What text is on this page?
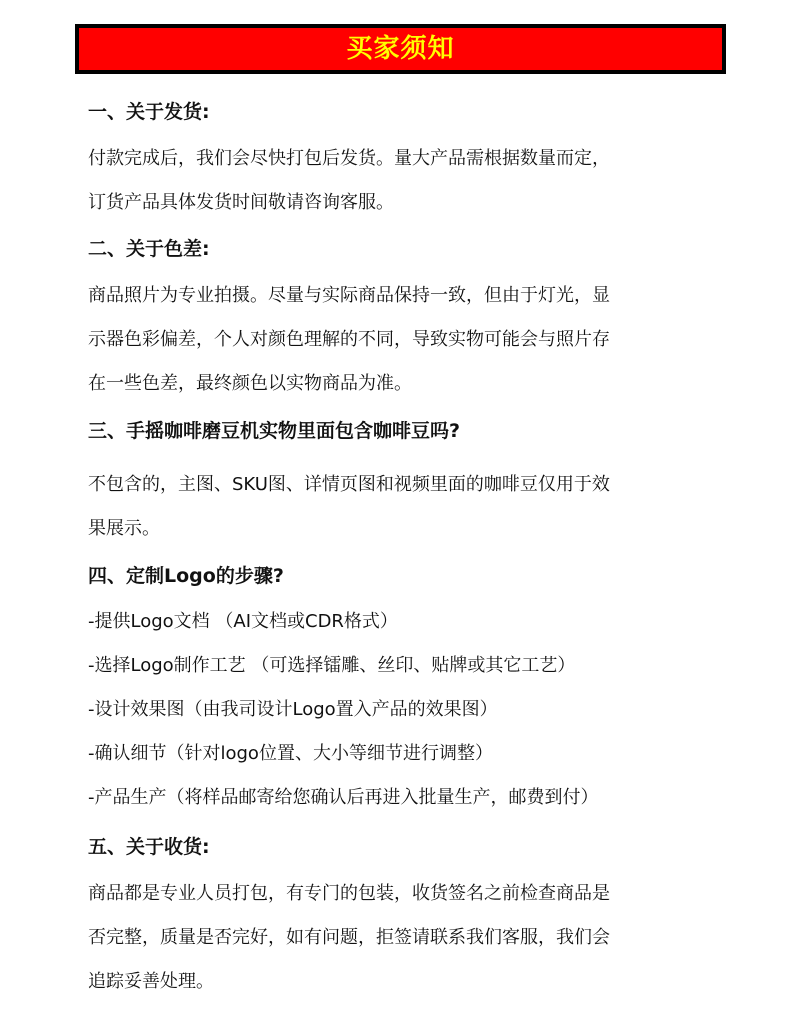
买家须知
一、关于发货:
付款完成后，我们会尽快打包后发货。量大产品需根据数量而定，
订货产品具体发货时间敬请咨询客服。
二、关于色差:
商品照片为专业拍摄。尽量与实际商品保持一致，但由于灯光，显
示器色彩偏差，个人对颜色理解的不同，导致实物可能会与照片存
在一些色差，最终颜色以实物商品为准。
三、手摇咖啡磨豆机实物里面包含咖啡豆吗?
不包含的，主图、SKU图、详情页图和视频里面的咖啡豆仅用于效
果展示。
四、定制Logo的步骤?
-提供Logo文档 （AI文档或CDR格式）
-选择Logo制作工艺 （可选择镭雕、丝印、贴牌或其它工艺）
-设计效果图（由我司设计Logo置入产品的效果图）
-确认细节（针对logo位置、大小等细节进行调整）
-产品生产（将样品邮寄给您确认后再进入批量生产，邮费到付）
五、关于收货:
商品都是专业人员打包，有专门的包装，收货签名之前检查商品是
否完整，质量是否完好，如有问题，拒签请联系我们客服，我们会
追踪妥善处理。
